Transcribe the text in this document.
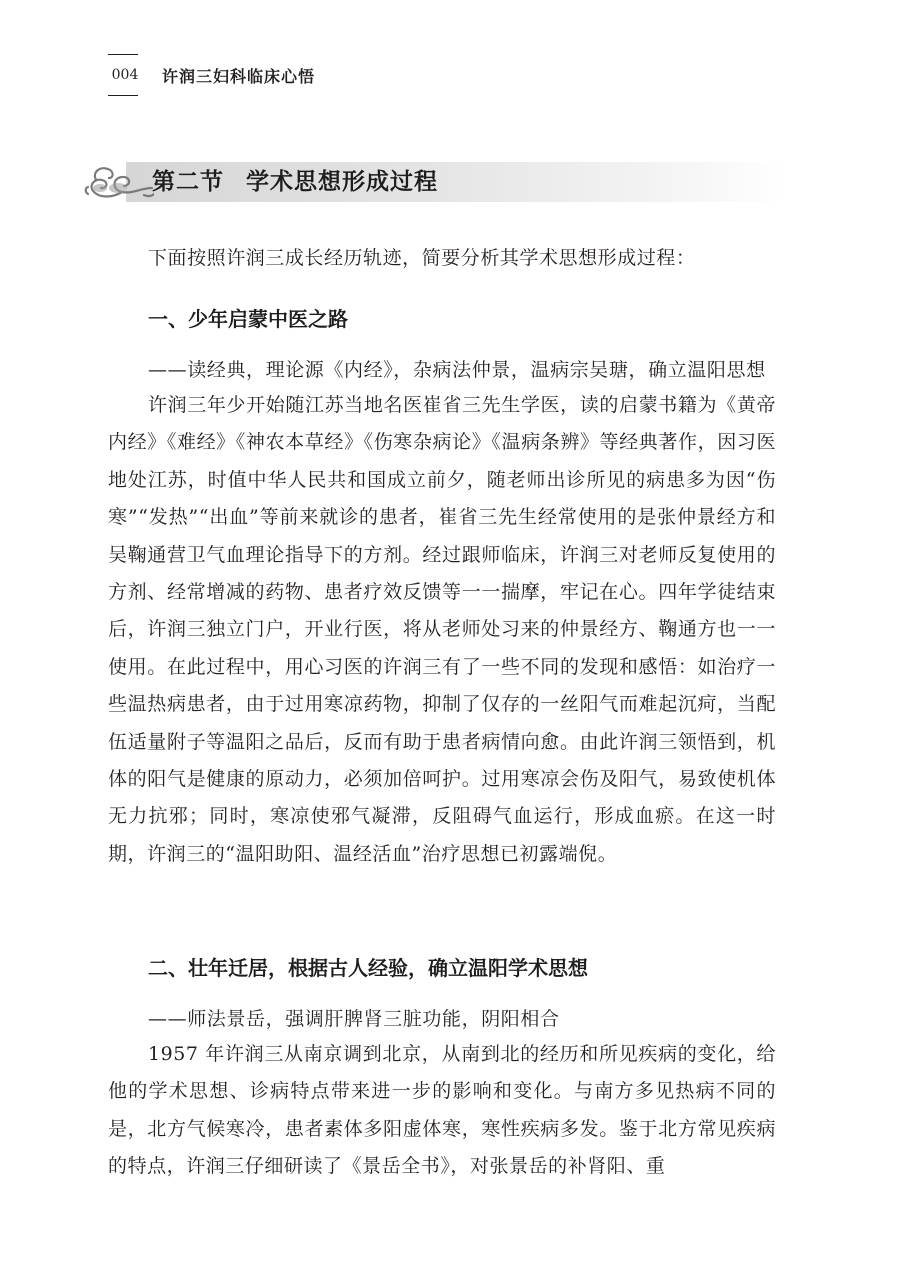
004 许润三妇科临床心悟
第二节 学术思想形成过程

下面按照许润三成长经历轨迹，简要分析其学术思想形成过程：

一、少年启蒙中医之路
——读经典，理论源《内经》，杂病法仲景，温病宗吴瑭，确立温阳思想

许润三年少开始随江苏当地名医崔省三先生学医，读的启蒙书籍为《黄帝内经》《难经》《神农本草经》《伤寒杂病论》《温病条辨》等经典著作，因习医地处江苏，时值中华人民共和国成立前夕，随老师出诊所见的病患多为因“伤寒”“发热”“出血”等前来就诊的患者，崔省三先生经常使用的是张仲景经方和吴鞠通营卫气血理论指导下的方剂。经过跟师临床，许润三对老师反复使用的方剂、经常增减的药物、患者疗效反馈等一一揣摩，牢记在心。四年学徒结束后，许润三独立门户，开业行医，将从老师处习来的仲景经方、鞠通方也一一使用。在此过程中，用心习医的许润三有了一些不同的发现和感悟：如治疗一些温热病患者，由于过用寒凉药物，抑制了仅存的一丝阳气而难起沉疴，当配伍适量附子等温阳之品后，反而有助于患者病情向愈。由此许润三领悟到，机体的阳气是健康的原动力，必须加倍呵护。过用寒凉会伤及阳气，易致使机体无力抗邪；同时，寒凉使邪气凝滞，反阻碍气血运行，形成血瘀。在这一时期，许润三的“温阳助阳、温经活血”治疗思想已初露端倪。

二、壮年迁居，根据古人经验，确立温阳学术思想
——师法景岳，强调肝脾肾三脏功能，阴阳相合

1957 年许润三从南京调到北京，从南到北的经历和所见疾病的变化，给他的学术思想、诊病特点带来进一步的影响和变化。与南方多见热病不同的是，北方气候寒冷，患者素体多阳虚体寒，寒性疾病多发。鉴于北方常见疾病的特点，许润三仔细研读了《景岳全书》，对张景岳的补肾阳、重
